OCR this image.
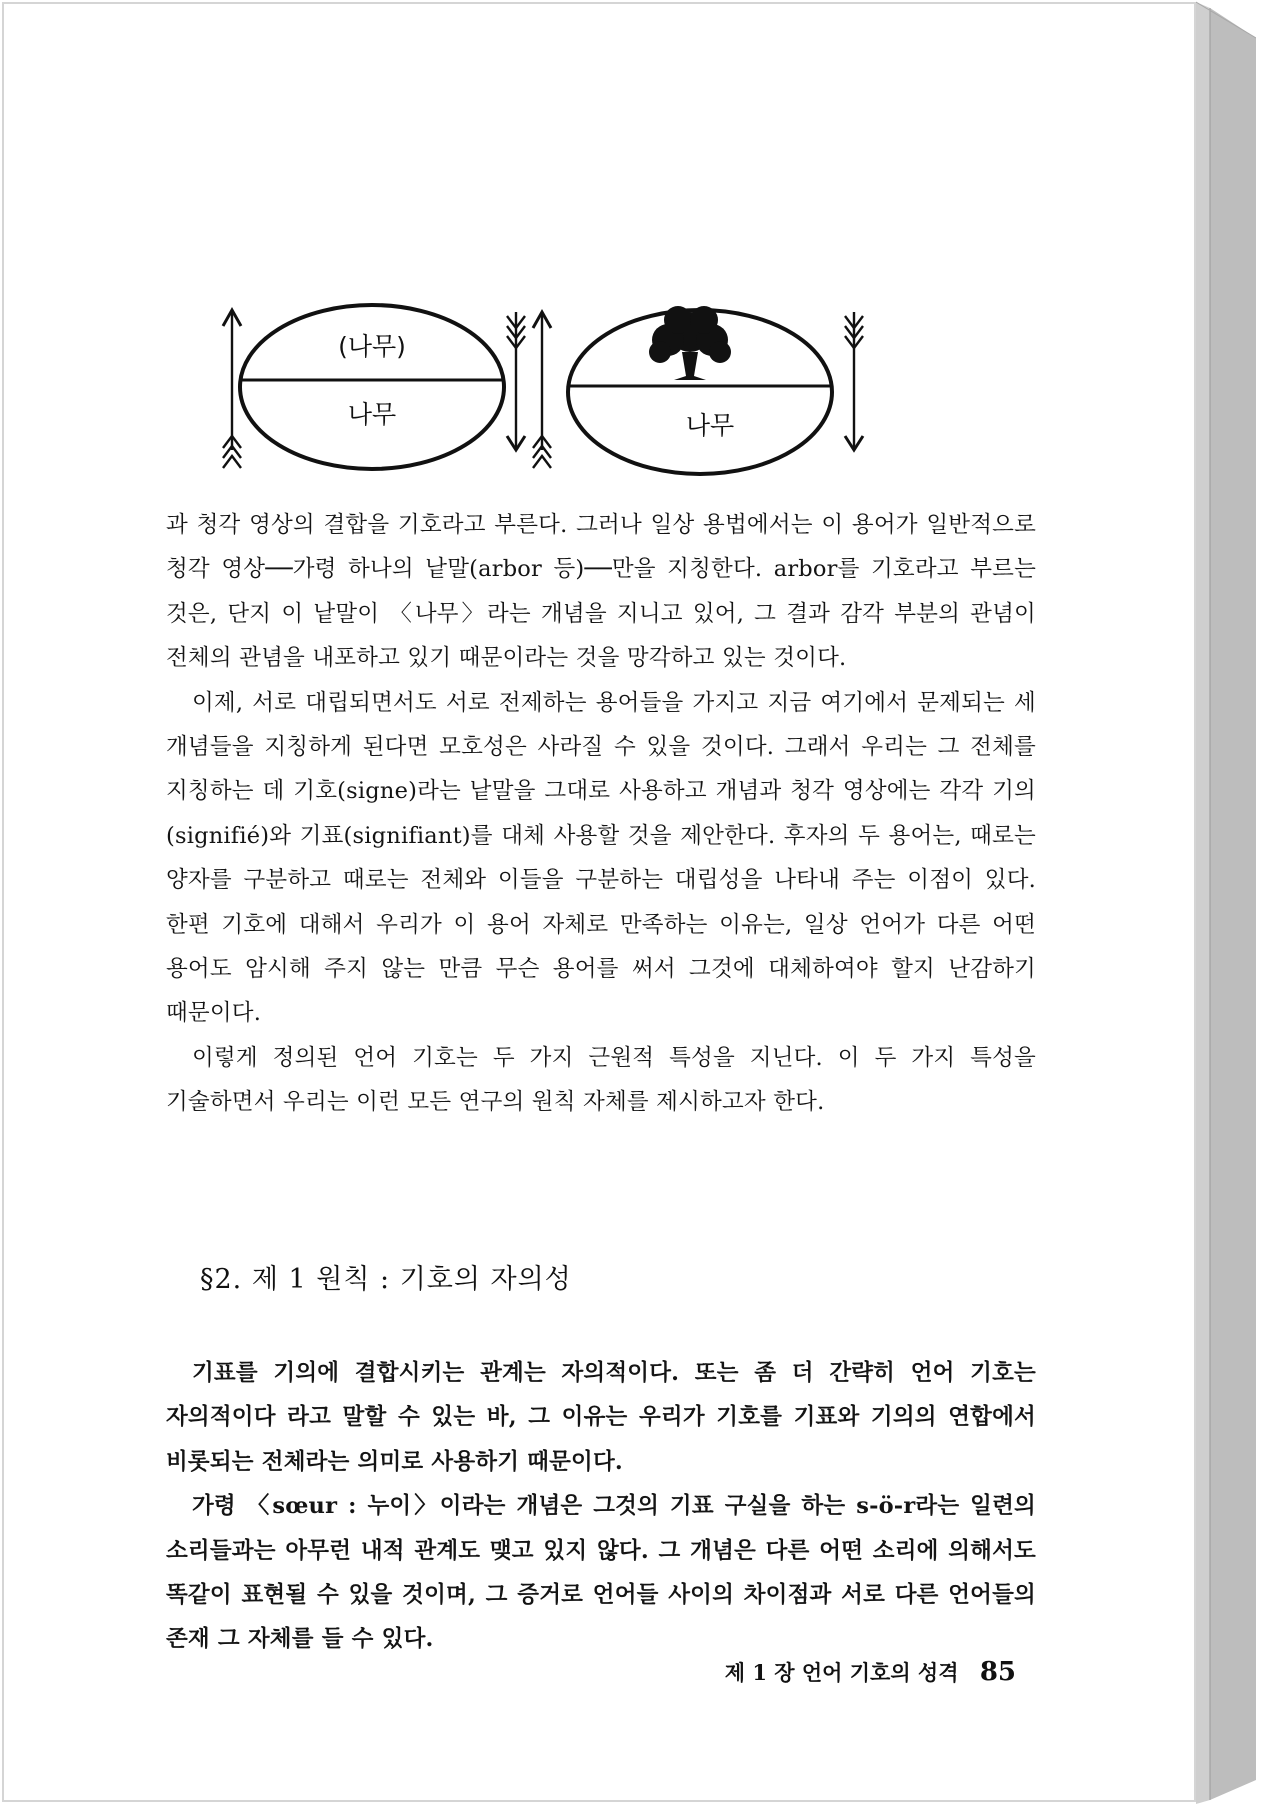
(나무)
나무	나무

과 청각 영상의 결합을 기호라고 부른다. 그러나 일상 용법에서는 이 용어가 일반적으로 청각 영상──가령 하나의 낱말(arbor 등)──만을 지칭한다. arbor를 기호라고 부르는 것은, 단지 이 낱말이 〈나무〉라는 개념을 지니고 있어, 그 결과 감각 부분의 관념이 전체의 관념을 내포하고 있기 때문이라는 것을 망각하고 있는 것이다.

이제, 서로 대립되면서도 서로 전제하는 용어들을 가지고 지금 여기에서 문제되는 세 개념들을 지칭하게 된다면 모호성은 사라질 수 있을 것이다. 그래서 우리는 그 전체를 지칭하는 데 기호(signe)라는 낱말을 그대로 사용하고 개념과 청각 영상에는 각각 기의(signifié)와 기표(signifiant)를 대체 사용할 것을 제안한다. 후자의 두 용어는, 때로는 양자를 구분하고 때로는 전체와 이들을 구분하는 대립성을 나타내 주는 이점이 있다. 한편 기호에 대해서 우리가 이 용어 자체로 만족하는 이유는, 일상 언어가 다른 어떤 용어도 암시해 주지 않는 만큼 무슨 용어를 써서 그것에 대체하여야 할지 난감하기 때문이다.

이렇게 정의된 언어 기호는 두 가지 근원적 특성을 지닌다. 이 두 가지 특성을 기술하면서 우리는 이런 모든 연구의 원칙 자체를 제시하고자 한다.

§2. 제 1 원칙 : 기호의 자의성

기표를 기의에 결합시키는 관계는 자의적이다. 또는 좀 더 간략히 언어 기호는 자의적이다 라고 말할 수 있는 바, 그 이유는 우리가 기호를 기표와 기의의 연합에서 비롯되는 전체라는 의미로 사용하기 때문이다.

가령 〈sœur : 누이〉이라는 개념은 그것의 기표 구실을 하는 s-ö-r라는 일련의 소리들과는 아무런 내적 관계도 맺고 있지 않다. 그 개념은 다른 어떤 소리에 의해서도 똑같이 표현될 수 있을 것이며, 그 증거로 언어들 사이의 차이점과 서로 다른 언어들의 존재 그 자체를 들 수 있다.

제 1 장 언어 기호의 성격 85
